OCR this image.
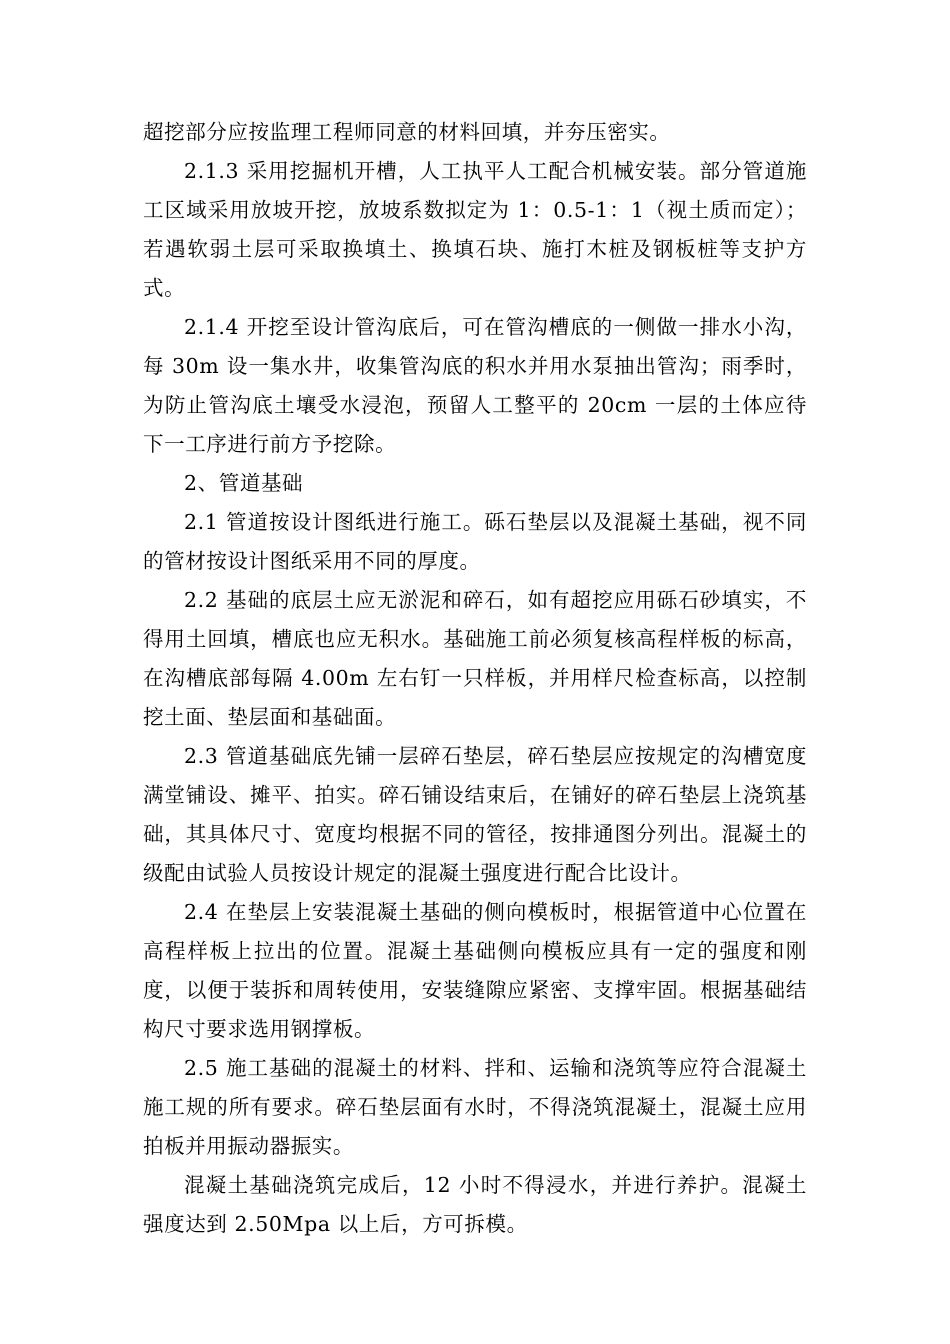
超挖部分应按监理工程师同意的材料回填，并夯压密实。

2.1.3 采用挖掘机开槽，人工执平人工配合机械安装。部分管道施工区域采用放坡开挖，放坡系数拟定为 1：0.5-1：1（视土质而定）；若遇软弱土层可采取换填土、换填石块、施打木桩及钢板桩等支护方式。

2.1.4 开挖至设计管沟底后，可在管沟槽底的一侧做一排水小沟，每 30m 设一集水井，收集管沟底的积水并用水泵抽出管沟；雨季时，为防止管沟底土壤受水浸泡，预留人工整平的 20cm 一层的土体应待下一工序进行前方予挖除。

2、管道基础

2.1 管道按设计图纸进行施工。砾石垫层以及混凝土基础，视不同的管材按设计图纸采用不同的厚度。

2.2 基础的底层土应无淤泥和碎石，如有超挖应用砾石砂填实，不得用土回填，槽底也应无积水。基础施工前必须复核高程样板的标高，在沟槽底部每隔 4.00m 左右钉一只样板，并用样尺检查标高，以控制挖土面、垫层面和基础面。

2.3 管道基础底先铺一层碎石垫层，碎石垫层应按规定的沟槽宽度满堂铺设、摊平、拍实。碎石铺设结束后，在铺好的碎石垫层上浇筑基础，其具体尺寸、宽度均根据不同的管径，按排通图分列出。混凝土的级配由试验人员按设计规定的混凝土强度进行配合比设计。

2.4 在垫层上安装混凝土基础的侧向模板时，根据管道中心位置在高程样板上拉出的位置。混凝土基础侧向模板应具有一定的强度和刚度，以便于装拆和周转使用，安装缝隙应紧密、支撑牢固。根据基础结构尺寸要求选用钢撑板。

2.5 施工基础的混凝土的材料、拌和、运输和浇筑等应符合混凝土施工规的所有要求。碎石垫层面有水时，不得浇筑混凝土，混凝土应用拍板并用振动器振实。

混凝土基础浇筑完成后，12 小时不得浸水，并进行养护。混凝土强度达到 2.50Mpa 以上后，方可拆模。
